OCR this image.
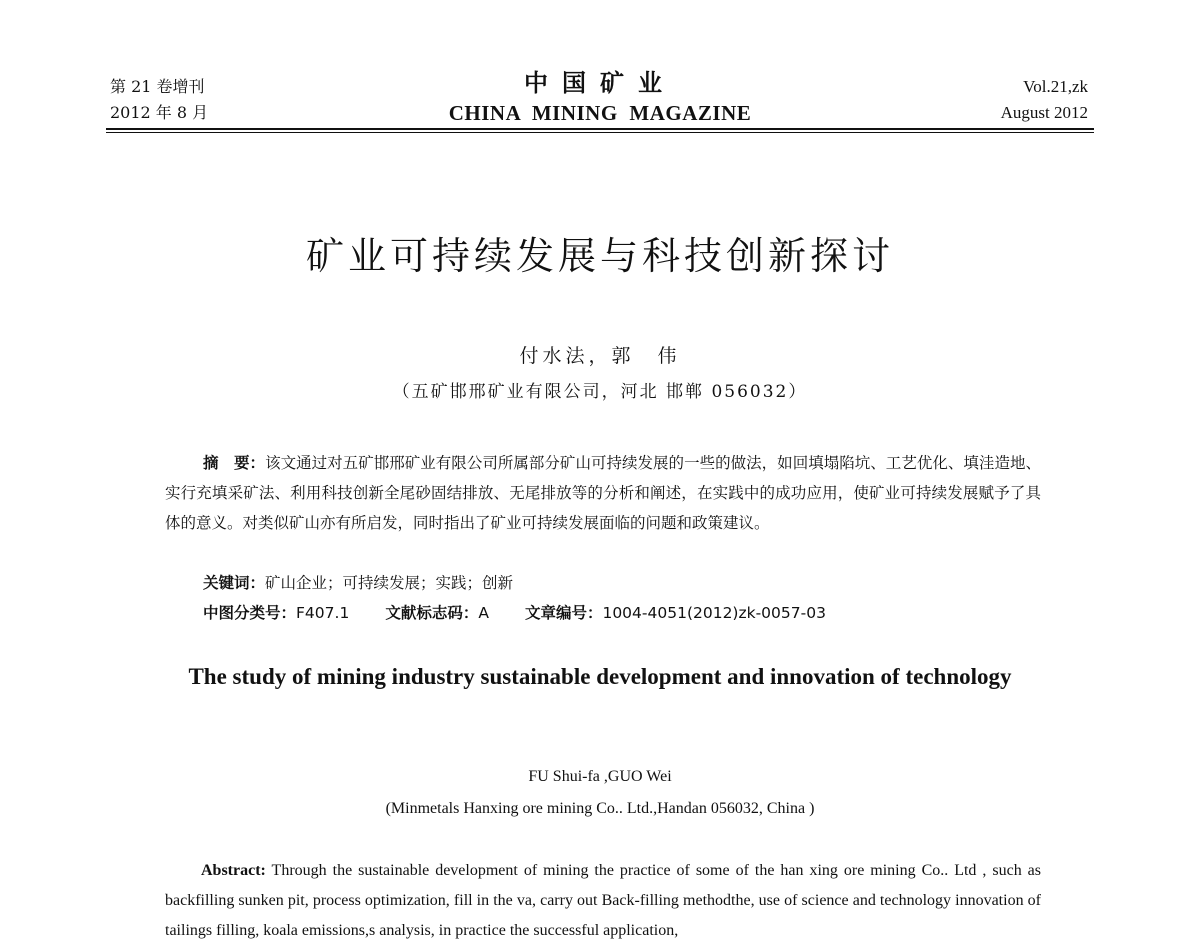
第 21 卷增刊
2012 年 8 月
中国矿业
CHINA MINING MAGAZINE
Vol.21,zk
August 2012
矿业可持续发展与科技创新探讨
付水法，郭　伟
（五矿邯邢矿业有限公司，河北 邯郸 056032）
摘　要：该文通过对五矿邯邢矿业有限公司所属部分矿山可持续发展的一些的做法，如回填塌陷坑、工艺优化、填洼造地、实行充填采矿法、利用科技创新全尾砂固结排放、无尾排放等的分析和阐述，在实践中的成功应用，使矿业可持续发展赋予了具体的意义。对类似矿山亦有所启发，同时指出了矿业可持续发展面临的问题和政策建议。
关键词：矿山企业；可持续发展；实践；创新
中图分类号：F407.1 文献标志码：A 文章编号：1004-4051(2012)zk-0057-03
The study of mining industry sustainable development and innovation of technology
FU Shui-fa ,GUO Wei
(Minmetals Hanxing ore mining Co.. Ltd.,Handan 056032, China )
Abstract: Through the sustainable development of mining the practice of some of the han xing ore mining Co.. Ltd , such as backfilling sunken pit, process optimization, fill in the va, carry out Back-filling methodthe, use of science and technology innovation of tailings filling, koala emissions,s analysis, in practice the successful application,
